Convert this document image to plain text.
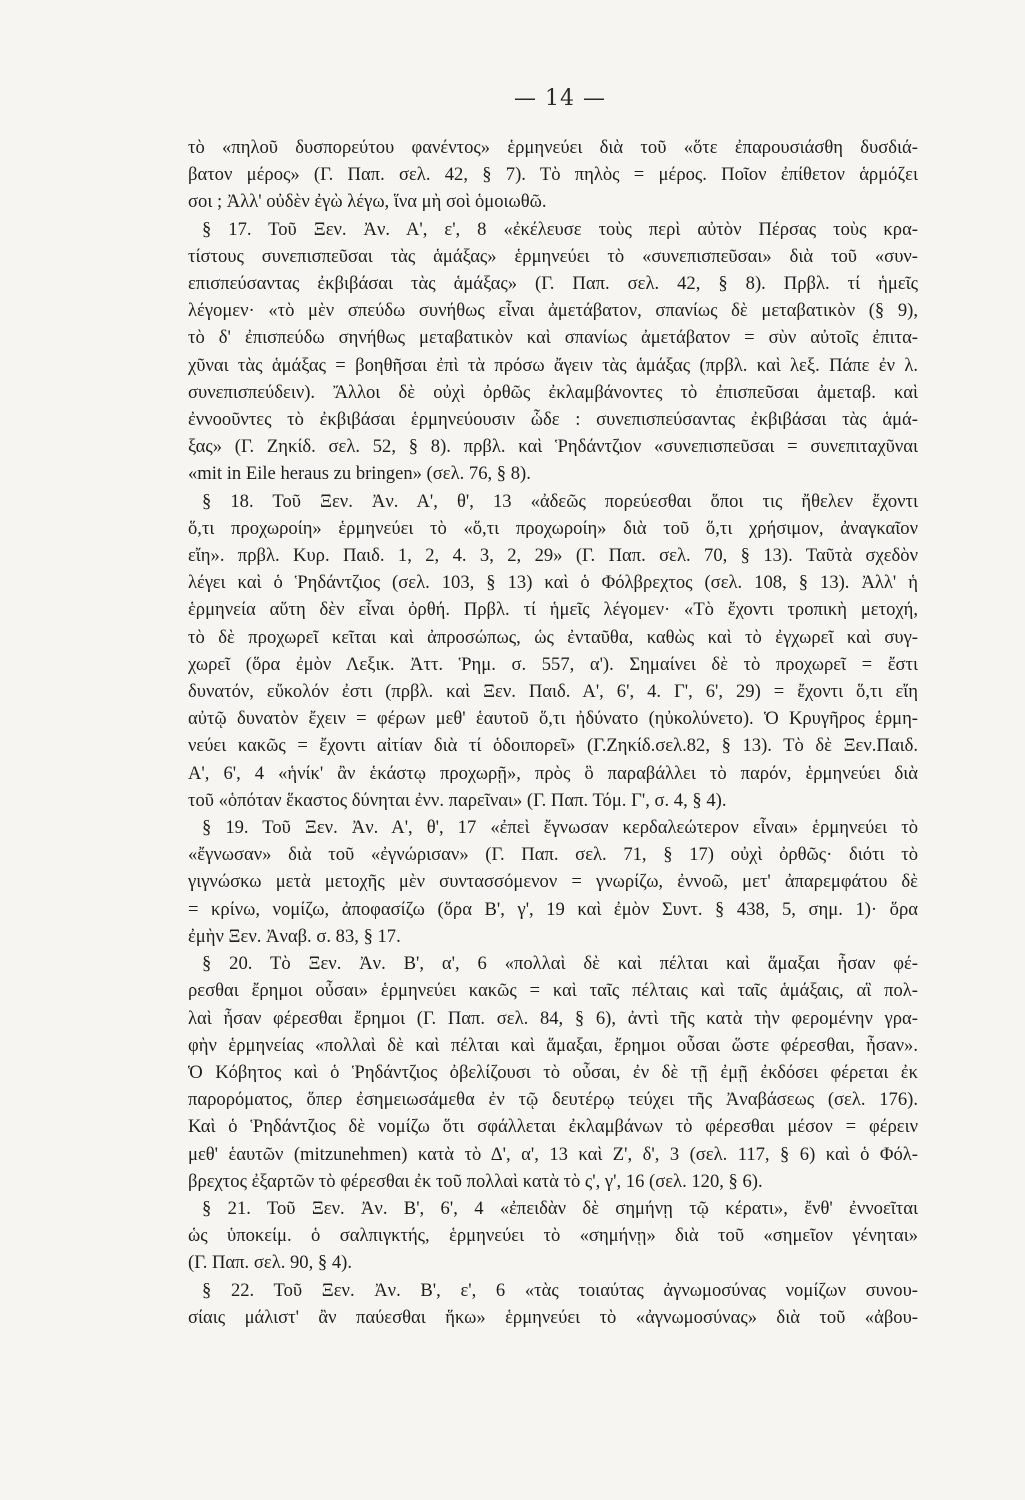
— 14 —
τὸ «πηλοῦ δυσπορεύτου φανέντος» ἑρμηνεύει διὰ τοῦ «ὅτε ἐπαρουσιάσθη δυσδιά-
βατον μέρος» (Γ. Παπ. σελ. 42, § 7). Τὸ πηλὸς = μέρος. Ποῖον ἐπίθετον ἁρμόζει
σοι ; Ἀλλ' οὐδὲν ἐγὼ λέγω, ἵνα μὴ σοὶ ὁμοιωθῶ.
§ 17. Τοῦ Ξεν. Ἀν. Α', ε', 8 «ἐκέλευσε τοὺς περὶ αὐτὸν Πέρσας τοὺς κρα-
τίστους συνεπισπεῦσαι τὰς ἁμάξας» ἑρμηνεύει τὸ «συνεπισπεῦσαι» διὰ τοῦ «συν-
επισπεύσαντας ἐκβιβάσαι τὰς ἁμάξας» (Γ. Παπ. σελ. 42, § 8). Πρβλ. τί ἡμεῖς
λέγομεν· «τὸ μὲν σπεύδω συνήθως εἶναι ἀμετάβατον, σπανίως δὲ μεταβατικὸν (§ 9),
τὸ δ' ἐπισπεύδω σηνήθως μεταβατικὸν καὶ σπανίως ἀμετάβατον = σὺν αὐτοῖς ἐπιτα-
χῦναι τὰς ἁμάξας = βοηθῆσαι ἐπὶ τὰ πρόσω ἄγειν τὰς ἁμάξας (πρβλ. καὶ λεξ. Πάπε ἐν λ.
συνεπισπεύδειν). Ἄλλοι δὲ οὐχὶ ὀρθῶς ἐκλαμβάνοντες τὸ ἐπισπεῦσαι ἀμεταβ. καὶ
ἐννοοῦντες τὸ ἐκβιβάσαι ἑρμηνεύουσιν ὧδε : συνεπισπεύσαντας ἐκβιβάσαι τὰς ἁμά-
ξας» (Γ. Ζηκίδ. σελ. 52, § 8). πρβλ. καὶ Ῥηδάντζιον «συνεπισπεῦσαι = συνεπιταχῦναι
«mit in Eile heraus zu bringen» (σελ. 76, § 8).
§ 18. Τοῦ Ξεν. Ἀν. Α', θ', 13 «ἀδεῶς πορεύεσθαι ὅποι τις ἤθελεν ἔχοντι
ὅ,τι προχωροίη» ἑρμηνεύει τὸ «ὅ,τι προχωροίη» διὰ τοῦ ὅ,τι χρήσιμον, ἀναγκαῖον
εἴη». πρβλ. Κυρ. Παιδ. 1, 2, 4. 3, 2, 29» (Γ. Παπ. σελ. 70, § 13). Ταῦτὰ σχεδὸν
λέγει καὶ ὁ Ῥηδάντζιος (σελ. 103, § 13) καὶ ὁ Φόλβρεχτος (σελ. 108, § 13). Ἀλλ' ἡ
ἑρμηνεία αὕτη δὲν εἶναι ὀρθή. Πρβλ. τί ἡμεῖς λέγομεν· «Τὸ ἔχοντι τροπικὴ μετοχή,
τὸ δὲ προχωρεῖ κεῖται καὶ ἀπροσώπως, ὡς ἐνταῦθα, καθὼς καὶ τὸ ἐγχωρεῖ καὶ συγ-
χωρεῖ (ὅρα ἐμὸν Λεξικ. Ἀττ. Ῥημ. σ. 557, α'). Σημαίνει δὲ τὸ προχωρεῖ = ἔστι
δυνατόν, εὔκολόν ἐστι (πρβλ. καὶ Ξεν. Παιδ. Α', 6', 4. Γ', 6', 29) = ἔχοντι ὅ,τι εἴη
αὐτῷ δυνατὸν ἔχειν = φέρων μεθ' ἑαυτοῦ ὅ,τι ἠδύνατο (ηὐκολύνετο). Ὁ Κρυγῆρος ἑρμη-
νεύει κακῶς = ἔχοντι αἰτίαν διὰ τί ὁδοιπορεῖ» (Γ.Ζηκίδ.σελ.82, § 13). Τὸ δὲ Ξεν.Παιδ.
Α', 6', 4 «ἡνίκ' ἂν ἑκάστῳ προχωρῇ», πρὸς ὃ παραβάλλει τὸ παρόν, ἑρμηνεύει διὰ
τοῦ «ὁπόταν ἕκαστος δύνηται ἐνν. παρεῖναι» (Γ. Παπ. Τόμ. Γ', σ. 4, § 4).
§ 19. Τοῦ Ξεν. Ἀν. Α', θ', 17 «ἐπεὶ ἔγνωσαν κερδαλεώτερον εἶναι» ἑρμηνεύει τὸ
«ἔγνωσαν» διὰ τοῦ «ἐγνώρισαν» (Γ. Παπ. σελ. 71, § 17) οὐχὶ ὀρθῶς· διότι τὸ
γιγνώσκω μετὰ μετοχῆς μὲν συντασσόμενον = γνωρίζω, ἐννοῶ, μετ' ἀπαρεμφάτου δὲ
= κρίνω, νομίζω, ἀποφασίζω (ὅρα Β', γ', 19 καὶ ἐμὸν Συντ. § 438, 5, σημ. 1)· ὅρα
ἐμὴν Ξεν. Ἀναβ. σ. 83, § 17.
§ 20. Τὸ Ξεν. Ἀν. Β', α', 6 «πολλαὶ δὲ καὶ πέλται καὶ ἅμαξαι ἦσαν φέ-
ρεσθαι ἔρημοι οὖσαι» ἑρμηνεύει κακῶς = καὶ ταῖς πέλταις καὶ ταῖς ἁμάξαις, αἳ πολ-
λαὶ ἦσαν φέρεσθαι ἔρημοι (Γ. Παπ. σελ. 84, § 6), ἀντὶ τῆς κατὰ τὴν φερομένην γρα-
φὴν ἑρμηνείας «πολλαὶ δὲ καὶ πέλται καὶ ἅμαξαι, ἔρημοι οὖσαι ὥστε φέρεσθαι, ἦσαν».
Ὁ Κόβητος καὶ ὁ Ῥηδάντζιος ὀβελίζουσι τὸ οὖσαι, ἐν δὲ τῇ ἐμῇ ἐκδόσει φέρεται ἐκ
παρορόματος, ὅπερ ἐσημειωσάμεθα ἐν τῷ δευτέρῳ τεύχει τῆς Ἀναβάσεως (σελ. 176).
Καὶ ὁ Ῥηδάντζιος δὲ νομίζω ὅτι σφάλλεται ἐκλαμβάνων τὸ φέρεσθαι μέσον = φέρειν
μεθ' ἑαυτῶν (mitzunehmen) κατὰ τὸ Δ', α', 13 καὶ Ζ', δ', 3 (σελ. 117, § 6) καὶ ὁ Φόλ-
βρεχτος ἐξαρτῶν τὸ φέρεσθαι ἐκ τοῦ πολλαὶ κατὰ τὸ ς', γ', 16 (σελ. 120, § 6).
§ 21. Τοῦ Ξεν. Ἀν. Β', 6', 4 «ἐπειδὰν δὲ σημήνῃ τῷ κέρατι», ἔνθ' ἐννοεῖται
ὡς ὑποκείμ. ὁ σαλπιγκτής, ἑρμηνεύει τὸ «σημήνῃ» διὰ τοῦ «σημεῖον γένηται»
(Γ. Παπ. σελ. 90, § 4).
§ 22. Τοῦ Ξεν. Ἀν. Β', ε', 6 «τὰς τοιαύτας ἀγνωμοσύνας νομίζων συνου-
σίαις μάλιστ' ἂν παύεσθαι ἥκω» ἑρμηνεύει τὸ «ἀγνωμοσύνας» διὰ τοῦ «ἀβου-
